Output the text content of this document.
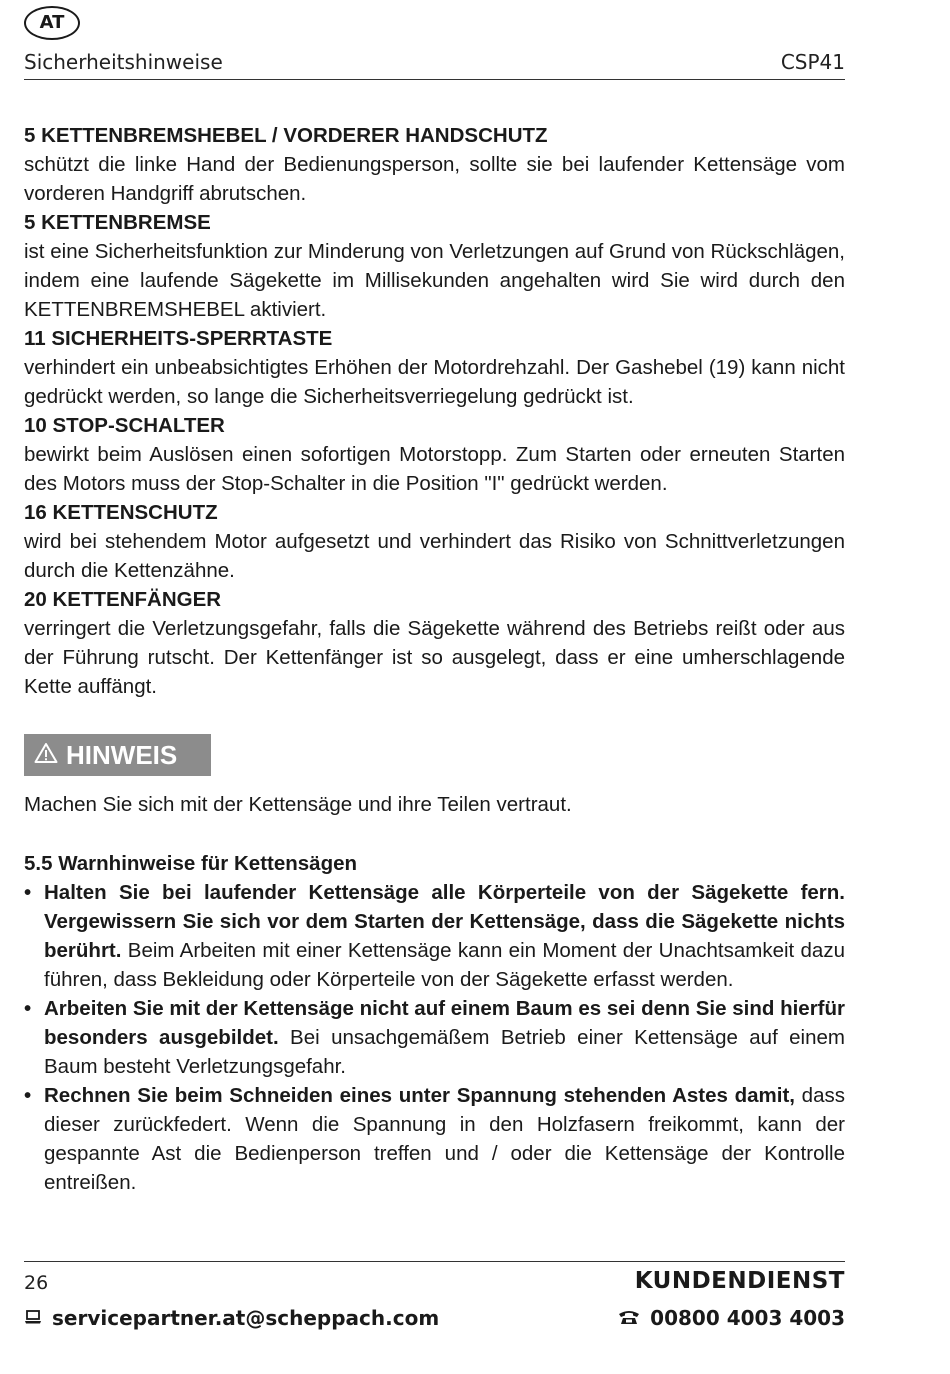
AT
Sicherheitshinweise	CSP41

5 KETTENBREMSHEBEL / VORDERER HANDSCHUTZ

schützt die linke Hand der Bedienungsperson, sollte sie bei laufender Kettensäge vom vorderen Handgriff abrutschen.

5 KETTENBREMSE

ist eine Sicherheitsfunktion zur Minderung von Verletzungen auf Grund von Rückschlägen, indem eine laufende Sägekette im Millisekunden angehalten wird Sie wird durch den KETTENBREMSHEBEL aktiviert.

11 SICHERHEITS-SPERRTASTE

verhindert ein unbeabsichtigtes Erhöhen der Motordrehzahl. Der Gashebel (19) kann nicht gedrückt werden, so lange die Sicherheitsverriegelung gedrückt ist.

10 STOP-SCHALTER

bewirkt beim Auslösen einen sofortigen Motorstopp. Zum Starten oder erneuten Starten des Motors muss der Stop-Schalter in die Position "I" gedrückt werden.

16 KETTENSCHUTZ

wird bei stehendem Motor aufgesetzt und verhindert das Risiko von Schnittverletzungen durch die Kettenzähne.

20 KETTENFÄNGER

verringert die Verletzungsgefahr, falls die Sägekette während des Betriebs reißt oder aus der Führung rutscht. Der Kettenfänger ist so ausgelegt, dass er eine umherschlagende Kette auffängt.

HINWEIS

Machen Sie sich mit der Kettensäge und ihre Teilen vertraut.

5.5 Warnhinweise für Kettensägen

• Halten Sie bei laufender Kettensäge alle Körperteile von der Sägekette fern. Vergewissern Sie sich vor dem Starten der Kettensäge, dass die Sägekette nichts berührt. Beim Arbeiten mit einer Kettensäge kann ein Moment der Unachtsamkeit dazu führen, dass Bekleidung oder Körperteile von der Sägekette erfasst werden.
• Arbeiten Sie mit der Kettensäge nicht auf einem Baum es sei denn Sie sind hierfür besonders ausgebildet. Bei unsachgemäßem Betrieb einer Kettensäge auf einem Baum besteht Verletzungsgefahr.
• Rechnen Sie beim Schneiden eines unter Spannung stehenden Astes damit, dass dieser zurückfedert. Wenn die Spannung in den Holzfasern freikommt, kann der gespannte Ast die Bedienperson treffen und / oder die Kettensäge der Kontrolle entreißen.
26	KUNDENDIENST
servicepartner.at@scheppach.com	00800 4003 4003
